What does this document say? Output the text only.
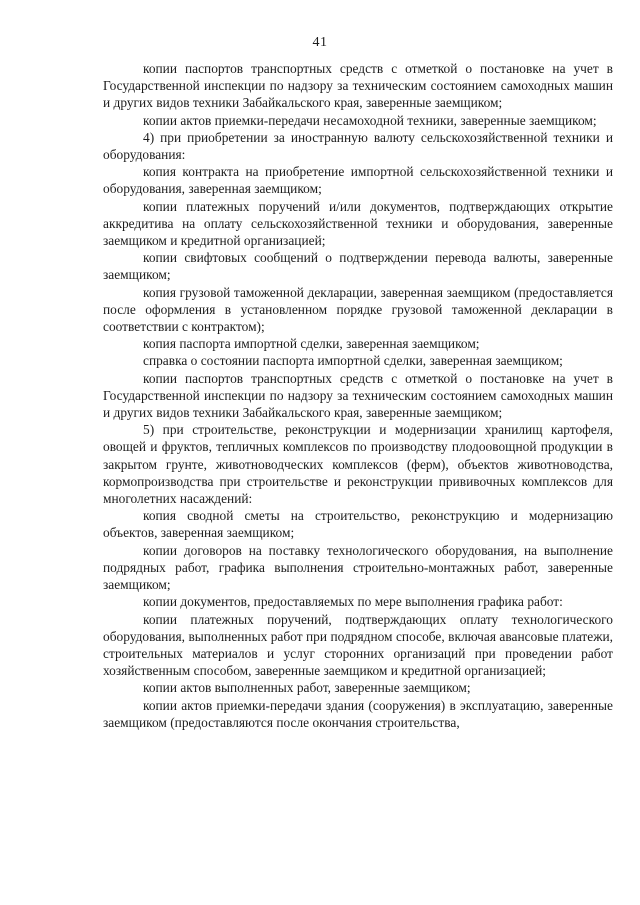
41

копии паспортов транспортных средств с отметкой о постановке на учет в Государственной инспекции по надзору за техническим состоянием самоходных машин и других видов техники Забайкальского края, заверенные заемщиком;

копии актов приемки-передачи несамоходной техники, заверенные заемщиком;

4) при приобретении за иностранную валюту сельскохозяйственной техники и оборудования:

копия контракта на приобретение импортной сельскохозяйственной техники и оборудования, заверенная заемщиком;

копии платежных поручений и/или документов, подтверждающих открытие аккредитива на оплату сельскохозяйственной техники и оборудования, заверенные заемщиком и кредитной организацией;

копии свифтовых сообщений о подтверждении перевода валюты, заверенные заемщиком;

копия грузовой таможенной декларации, заверенная заемщиком (предоставляется после оформления в установленном порядке грузовой таможенной декларации в соответствии с контрактом);

копия паспорта импортной сделки, заверенная заемщиком;

справка о состоянии паспорта импортной сделки, заверенная заемщиком;

копии паспортов транспортных средств с отметкой о постановке на учет в Государственной инспекции по надзору за техническим состоянием самоходных машин и других видов техники Забайкальского края, заверенные заемщиком;

5) при строительстве, реконструкции и модернизации хранилищ картофеля, овощей и фруктов, тепличных комплексов по производству плодоовощной продукции в закрытом грунте, животноводческих комплексов (ферм), объектов животноводства, кормопроизводства при строительстве и реконструкции прививочных комплексов для многолетних насаждений:

копия сводной сметы на строительство, реконструкцию и модернизацию объектов, заверенная заемщиком;

копии договоров на поставку технологического оборудования, на выполнение подрядных работ, графика выполнения строительно-монтажных работ, заверенные заемщиком;

копии документов, предоставляемых по мере выполнения графика работ:

копии платежных поручений, подтверждающих оплату технологического оборудования, выполненных работ при подрядном способе, включая авансовые платежи, строительных материалов и услуг сторонних организаций при проведении работ хозяйственным способом, заверенные заемщиком и кредитной организацией;

копии актов выполненных работ, заверенные заемщиком;

копии актов приемки-передачи здания (сооружения) в эксплуатацию, заверенные заемщиком (предоставляются после окончания строительства,
